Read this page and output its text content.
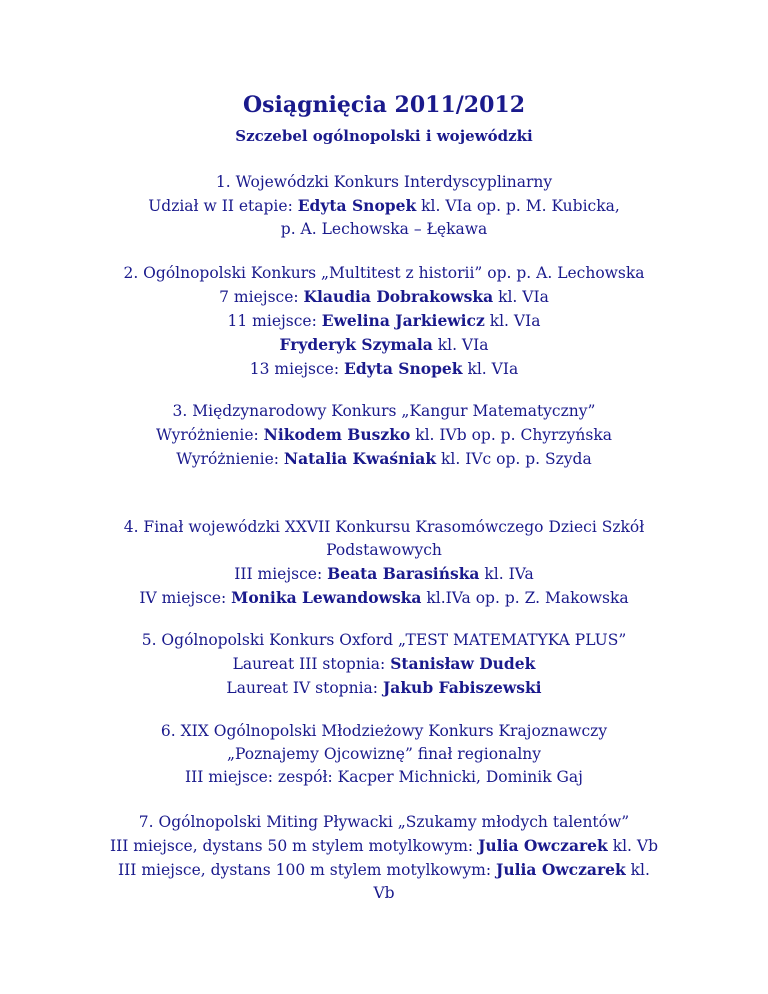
Osiągnięcia 2011/2012
Szczebel ogólnopolski i wojewódzki
1. Wojewódzki Konkurs Interdyscyplinarny
Udział w II etapie: Edyta Snopek kl. VIa op. p. M. Kubicka,
p. A. Lechowska – Łękawa
2. Ogólnopolski Konkurs „Multitest z historii” op. p. A. Lechowska
7 miejsce: Klaudia Dobrakowska kl. VIa
11 miejsce: Ewelina Jarkiewicz kl. VIa
Fryderyk Szymala kl. VIa
13 miejsce: Edyta Snopek kl. VIa
3. Międzynarodowy Konkurs „Kangur Matematyczny”
Wyróżnienie: Nikodem Buszko kl. IVb op. p. Chyrzyńska
Wyróżnienie: Natalia Kwaśniak kl. IVc op. p. Szyda
4. Finał wojewódzki XXVII Konkursu Krasomówczego Dzieci Szkół
Podstawowych
III miejsce: Beata Barasińska kl. IVa
IV miejsce: Monika Lewandowska kl.IVa op. p. Z. Makowska
5. Ogólnopolski Konkurs Oxford „TEST MATEMATYKA PLUS”
Laureat III stopnia: Stanisław Dudek
Laureat IV stopnia: Jakub Fabiszewski
6. XIX Ogólnopolski Młodzieżowy Konkurs Krajoznawczy
„Poznajemy Ojcowiznę” finał regionalny
III miejsce: zespół: Kacper Michnicki, Dominik Gaj
7. Ogólnopolski Miting Pływacki „Szukamy młodych talentów”
III miejsce, dystans 50 m stylem motylkowym: Julia Owczarek kl. Vb
III miejsce, dystans 100 m stylem motylkowym: Julia Owczarek kl.
Vb
